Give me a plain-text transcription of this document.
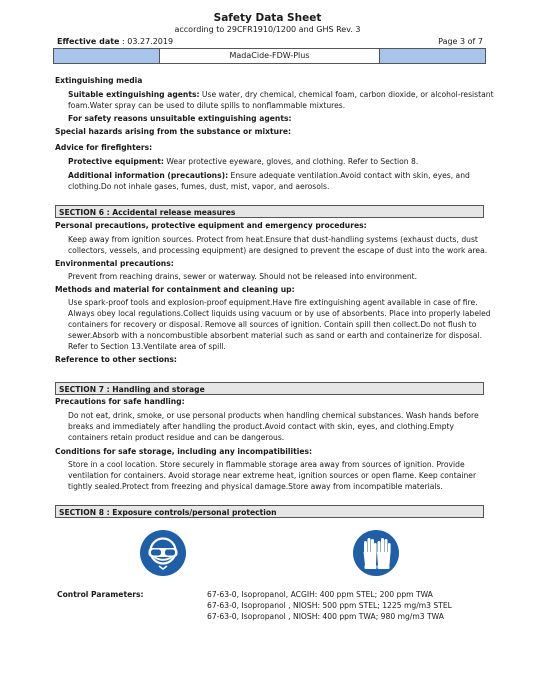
Safety Data Sheet
according to 29CFR1910/1200 and GHS Rev. 3
Effective date : 03.27.2019	Page 3 of 7
MadaCide-FDW-Plus
Extinguishing media
Suitable extinguishing agents: Use water, dry chemical, chemical foam, carbon dioxide, or alcohol-resistant
foam.Water spray can be used to dilute spills to nonflammable mixtures.
For safety reasons unsuitable extinguishing agents:
Special hazards arising from the substance or mixture:
Advice for firefighters:
Protective equipment: Wear protective eyeware, gloves, and clothing. Refer to Section 8.
Additional information (precautions): Ensure adequate ventilation.Avoid contact with skin, eyes, and
clothing.Do not inhale gases, fumes, dust, mist, vapor, and aerosols.
SECTION 6 : Accidental release measures
Personal precautions, protective equipment and emergency procedures:
Keep away from ignition sources. Protect from heat.Ensure that dust-handling systems (exhaust ducts, dust
collectors, vessels, and processing equipment) are designed to prevent the escape of dust into the work area.
Environmental precautions:
Prevent from reaching drains, sewer or waterway. Should not be released into environment.
Methods and material for containment and cleaning up:
Use spark-proof tools and explosion-proof equipment.Have fire extinguishing agent available in case of fire.
Always obey local regulations.Collect liquids using vacuum or by use of absorbents. Place into properly labeled
containers for recovery or disposal. Remove all sources of ignition. Contain spill then collect.Do not flush to
sewer.Absorb with a noncombustible absorbent material such as sand or earth and containerize for disposal.
Refer to Section 13.Ventilate area of spill.
Reference to other sections:
SECTION 7 : Handling and storage
Precautions for safe handling:
Do not eat, drink, smoke, or use personal products when handling chemical substances. Wash hands before
breaks and immediately after handling the product.Avoid contact with skin, eyes, and clothing.Empty
containers retain product residue and can be dangerous.
Conditions for safe storage, including any incompatibilities:
Store in a cool location. Store securely in flammable storage area away from sources of ignition. Provide
ventilation for containers. Avoid storage near extreme heat, ignition sources or open flame. Keep container
tightly sealed.Protect from freezing and physical damage.Store away from incompatible materials.
SECTION 8 : Exposure controls/personal protection
Control Parameters:	67-63-0, Isopropanol, ACGIH: 400 ppm STEL; 200 ppm TWA
67-63-0, Isopropanol , NIOSH: 500 ppm STEL; 1225 mg/m3 STEL
67-63-0, Isopropanol , NIOSH: 400 ppm TWA; 980 mg/m3 TWA
